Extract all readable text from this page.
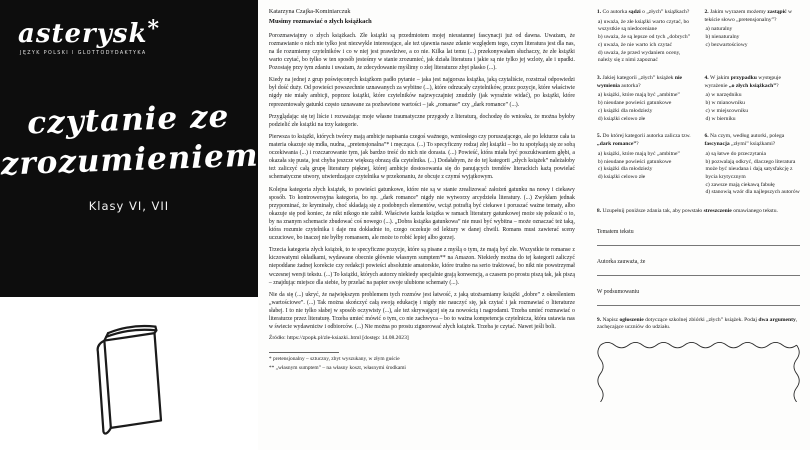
asterysk*
JĘZYK POLSKI I GLOTTODYDAKTYKA
czytanie ze
zrozumieniem
Klasy VI, VII
Katarzyna Czajka-Kominiarczuk
Musimy rozmawiać o złych książkach

Porozmawiajmy o złych książkach. Złe książki są przedmiotem mojej nieustannej fascynacji już od dawna. Uważam, że rozmawianie o nich nie tylko jest niezwykle interesujące, ale też ujawnia nasze zdanie względem tego, czym literatura jest dla nas, na ile rozumiemy czytelników i co w niej jest prawdziwe, a co nie. Kilka lat temu (...) przekonywałam słuchaczy, że złe książki warto czytać, bo tylko w ten sposób jesteśmy w stanie zrozumieć, jak działa literatura i jakie są nie tylko jej wzloty, ale i upadki. Pozostaję przy tym zdaniu i uważam, że zdecydowanie myślimy o złej literaturze zbyt płasko (...).

Kiedy na jednej z grup poświęconych książkom padło pytanie – jaka jest najgorsza książka, jaką czytaliście, rozstrzał odpowiedzi był dość duży. Od powieści powszechnie uznawanych za wybitne (...), które odrzucały czytelników, przez pozycje, które właściwie nigdy nie miały ambicji, poprzez książki, które czytelników najzwyczajniej znudziły (jak wyraźnie widać), po książki, które reprezentowały gatunki często uznawane za pozbawione wartości – jak „romanse” czy „dark romance” (...).

Przyglądając się tej liście i rozważając moje własne traumatyczne przygody z literaturą, dochodzę do wniosku, że można byłoby podzielić złe książki na trzy kategorie.

Pierwsza to książki, których twórcy mają ambicje napisania czegoś ważnego, wzniosłego czy poruszającego, ale po lekturze cała ta materia okazuje się mdła, nudna, „pretensjonalna”* i męcząca. (...) To specyficzny rodzaj złej książki – bo tu spotykają się ze sobą oczekiwania (...) i rozczarowanie tym, jak bardzo treść do nich nie dorasta. (...) Powieść, która miała być poszukiwaniem głębi, a okazała się pusta, jest chyba jeszcze większą obrazą dla czytelnika. (...) Dodałabym, że do tej kategorii „złych książek” należałoby też zaliczyć całą grupę literatury pięknej, której ambicje dostosowania się do panujących trendów literackich każą powielać schematyczne utwory, utwierdzające czytelnika w przekonaniu, że obcuje z czymś wyjątkowym.

Kolejna kategoria złych książek, to powieści gatunkowe, które nie są w stanie zrealizować założeń gatunku na nowy i ciekawy sposób. To kontrowersyjna kategoria, bo np. „dark romance” nigdy nie wytworzy arcydzieła literatury. (...) Zwykłam jednak przypominać, że kryminały, choć składają się z podobnych elementów, wciąż potrafią być ciekawe i poruszać ważne tematy, albo okazuje się pod koniec, że nikt nikogo nie zabił. Właściwie każda książka w ramach literatury gatunkowej może się pokusić o to, by na znanym schemacie zbudować coś nowego (...). „Dobra książka gatunkowa” nie musi być wybitna – może oznaczać też taką, która rozumie czytelnika i daje mu dokładnie to, czego oczekuje od lektury w danej chwili. Romans musi zawierać sceny uczuciowe, bo inaczej nie byłby romansem, ale może to robić lepiej albo gorzej.

Trzecia kategoria złych książek, to te specyficzne pozycje, które są pisane z myślą o tym, że mają być złe. Wszystkie te romanse z kiczowatymi okładkami, wydawane obecnie głównie własnym sumptem** na Amazon. Niekiedy można do tej kategorii zaliczyć niepoddane żadnej korekcie czy redakcji powieści absolutnie amatorskie, które trudno na serio traktować, bo nikt nie powstrzymał wczesnej wersji tekstu. (...) To książki, których autorzy niekiedy specjalnie grają konwencją, a czasem po prostu piszą tak, jak piszą – znajdując miejsce dla siebie, by przelać na papier swoje ulubione schematy (...).

Nie da się (...) ukryć, że największym problemem tych rozmów jest łatwość, z jaką utożsamiamy książki „dobre” z określeniem „wartościowe”. (...) Tak można skończyć całą swoją edukację i nigdy nie nauczyć się, jak czytać i jak rozmawiać o literaturze słabej. I to nie tylko słabej w sposób oczywisty (...), ale też skrywającej się za nowością i nagrodami. Trzeba umieć rozmawiać o literaturze przez literaturę. Trzeba umieć mówić o tym, co nie zachwyca – bo to ważna kompetencja czytelnicza, która ustawia nas w świecie wydawnictw i odbiorców. (...) Nie można po prostu zignorować złych książek. Trzeba je czytać. Nawet jeśli boli.

Źródło: https://zpopk.pl/zle-ksiazki..html [dostęp: 14.08.2023]
* pretensjonalny – sztuczny, zbyt wyszukany, w złym guście
** „własnym sumptem” – na własny koszt, własnymi środkami
1. Co autorka sądzi o „złych” książkach?
a) uważa, że złe książki warto czytać, bo wszystkie są niedoceniane
b) uważa, że są lepsze od tych „dobrych”
c) uważa, że nie warto ich czytać
d) uważa, że przed wydaniem oceny, należy się z nimi zapoznać
2. Jakim wyrazem możemy zastąpić w tekście słowo „pretensjonalny”?
a) naturalny
b) nienaturalny
c) bezwartościowy
3. Jakiej kategorii „złych” książek nie wymienia autorka?
a) książki, które mają być „ambitne”
b) nieudane powieści gatunkowe
c) książki dla młodzieży
d) książki celowo złe
4. W jakim przypadku występuje wyrażenie „o złych książkach”?
a) w narzędniku
b) w mianowniku
c) w miejscowniku
d) w bierniku
5. Do której kategorii autorka zalicza tzw. „dark romance”?
a) książki, które mają być „ambitne”
b) nieudane powieści gatunkowe
c) książki dla młodzieży
d) książki celowo złe
6. Na czym, według autorki, polega fascynacja „złymi” książkami?
a) są łatwe do przeczytania
b) pozwalają odkryć, dlaczego literatura może być nieudana i dają satysfakcję z bycia krytycznym
c) zawsze mają ciekawą fabułę
d) stanowią wzór dla najlepszych autorów
8. Uzupełnij poniższe zdania tak, aby powstało streszczenie omawianego tekstu.
Tematem tekstu
Autorka zauważa, że
W podsumowaniu
9. Napisz ogłoszenie dotyczące szkolnej zbiórki „złych” książek. Podaj dwa argumenty, zachęcające uczniów do udziału.
